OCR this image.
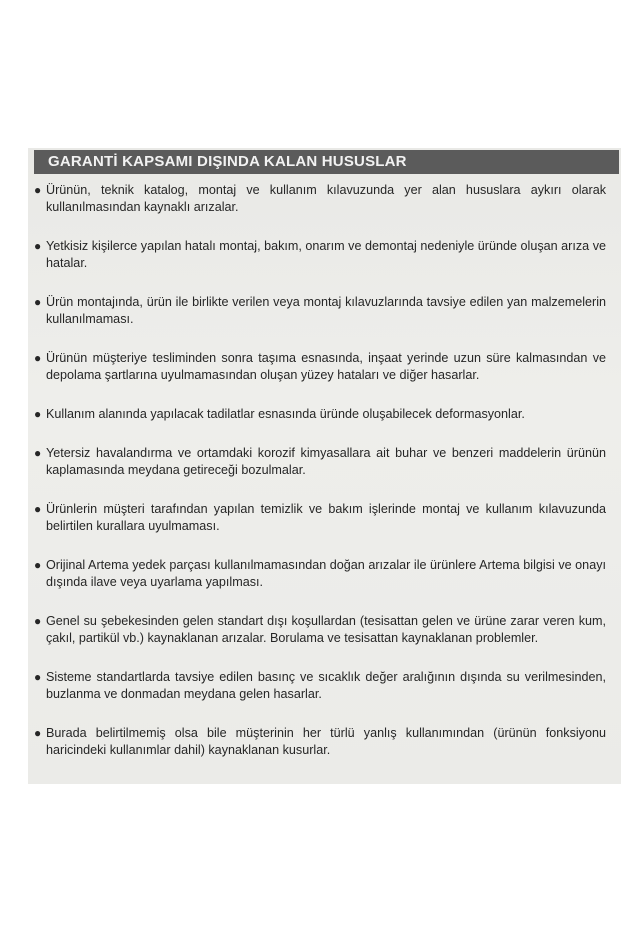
GARANTİ KAPSAMI DIŞINDA KALAN HUSUSLAR
● Ürünün, teknik katalog, montaj ve kullanım kılavuzunda yer alan hususlara aykırı olarak kullanılmasından kaynaklı arızalar.
● Yetkisiz kişilerce yapılan hatalı montaj, bakım, onarım ve demontaj nedeniyle üründe oluşan arıza ve hatalar.
● Ürün montajında, ürün ile birlikte verilen veya montaj kılavuzlarında tavsiye edilen yan malzemelerin kullanılmaması.
● Ürünün müşteriye tesliminden sonra taşıma esnasında, inşaat yerinde uzun süre kalmasından ve depolama şartlarına uyulmamasından oluşan yüzey hataları ve diğer hasarlar.
● Kullanım alanında yapılacak tadilatlar esnasında üründe oluşabilecek deformasyonlar.
● Yetersiz havalandırma ve ortamdaki korozif kimyasallara ait buhar ve benzeri maddelerin ürünün kaplamasında meydana getireceği bozulmalar.
● Ürünlerin müşteri tarafından yapılan temizlik ve bakım işlerinde montaj ve kullanım kılavuzunda belirtilen kurallara uyulmaması.
● Orijinal Artema yedek parçası kullanılmamasından doğan arızalar ile ürünlere Artema bilgisi ve onayı dışında ilave veya uyarlama yapılması.
● Genel su şebekesinden gelen standart dışı koşullardan (tesisattan gelen ve ürüne zarar veren kum, çakıl, partikül vb.) kaynaklanan arızalar. Borulama ve tesisattan kaynaklanan problemler.
● Sisteme standartlarda tavsiye edilen basınç ve sıcaklık değer aralığının dışında su verilmesinden, buzlanma ve donmadan meydana gelen hasarlar.
● Burada belirtilmemiş olsa bile müşterinin her türlü yanlış kullanımından (ürünün fonksiyonu haricindeki kullanımlar dahil) kaynaklanan kusurlar.
